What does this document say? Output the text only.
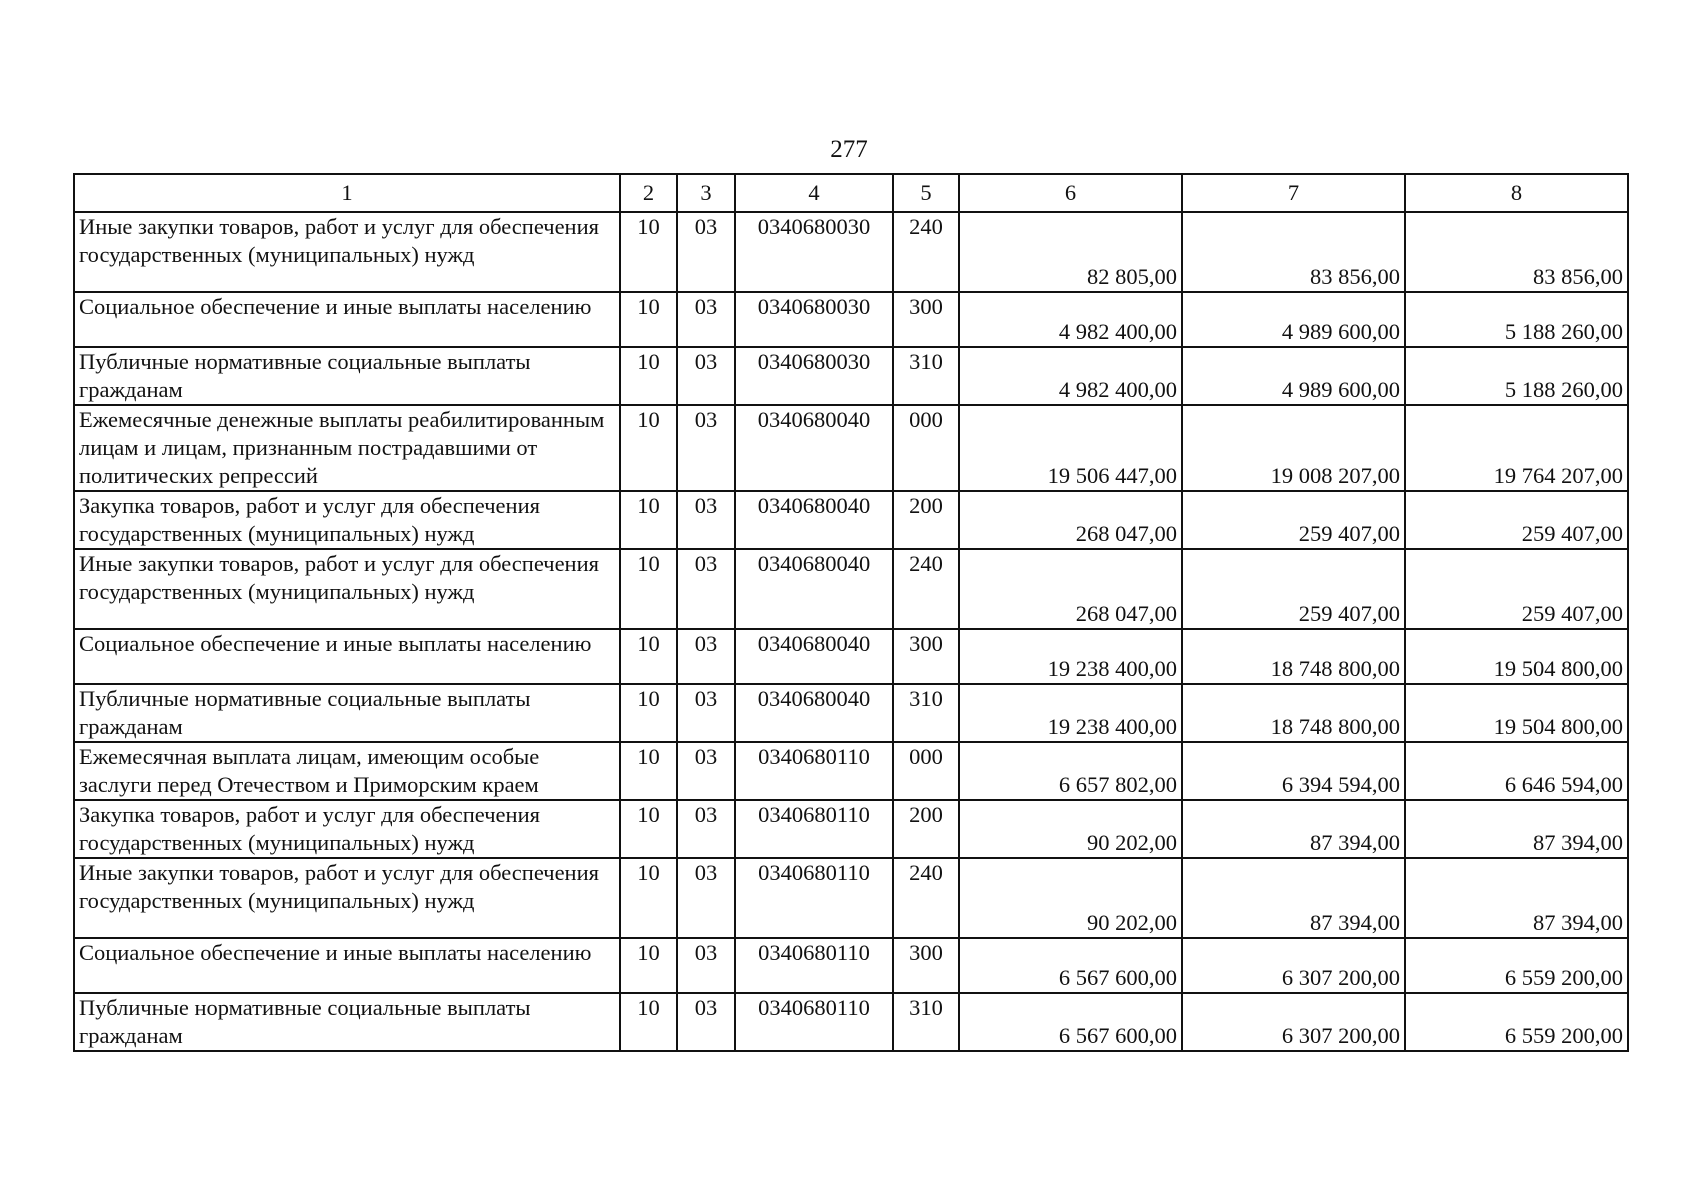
277
1	2	3	4	5	6	7	8
Иные закупки товаров, работ и услуг для обеспечения государственных (муниципальных) нужд	10	03	0340680030	240	82 805,00	83 856,00	83 856,00
Социальное обеспечение и иные выплаты населению	10	03	0340680030	300	4 982 400,00	4 989 600,00	5 188 260,00
Публичные нормативные социальные выплаты гражданам	10	03	0340680030	310	4 982 400,00	4 989 600,00	5 188 260,00
Ежемесячные денежные выплаты реабилитированным лицам и лицам, признанным пострадавшими от политических репрессий	10	03	0340680040	000	19 506 447,00	19 008 207,00	19 764 207,00
Закупка товаров, работ и услуг для обеспечения государственных (муниципальных) нужд	10	03	0340680040	200	268 047,00	259 407,00	259 407,00
Иные закупки товаров, работ и услуг для обеспечения государственных (муниципальных) нужд	10	03	0340680040	240	268 047,00	259 407,00	259 407,00
Социальное обеспечение и иные выплаты населению	10	03	0340680040	300	19 238 400,00	18 748 800,00	19 504 800,00
Публичные нормативные социальные выплаты гражданам	10	03	0340680040	310	19 238 400,00	18 748 800,00	19 504 800,00
Ежемесячная выплата лицам, имеющим особые заслуги перед Отечеством и Приморским краем	10	03	0340680110	000	6 657 802,00	6 394 594,00	6 646 594,00
Закупка товаров, работ и услуг для обеспечения государственных (муниципальных) нужд	10	03	0340680110	200	90 202,00	87 394,00	87 394,00
Иные закупки товаров, работ и услуг для обеспечения государственных (муниципальных) нужд	10	03	0340680110	240	90 202,00	87 394,00	87 394,00
Социальное обеспечение и иные выплаты населению	10	03	0340680110	300	6 567 600,00	6 307 200,00	6 559 200,00
Публичные нормативные социальные выплаты гражданам	10	03	0340680110	310	6 567 600,00	6 307 200,00	6 559 200,00
